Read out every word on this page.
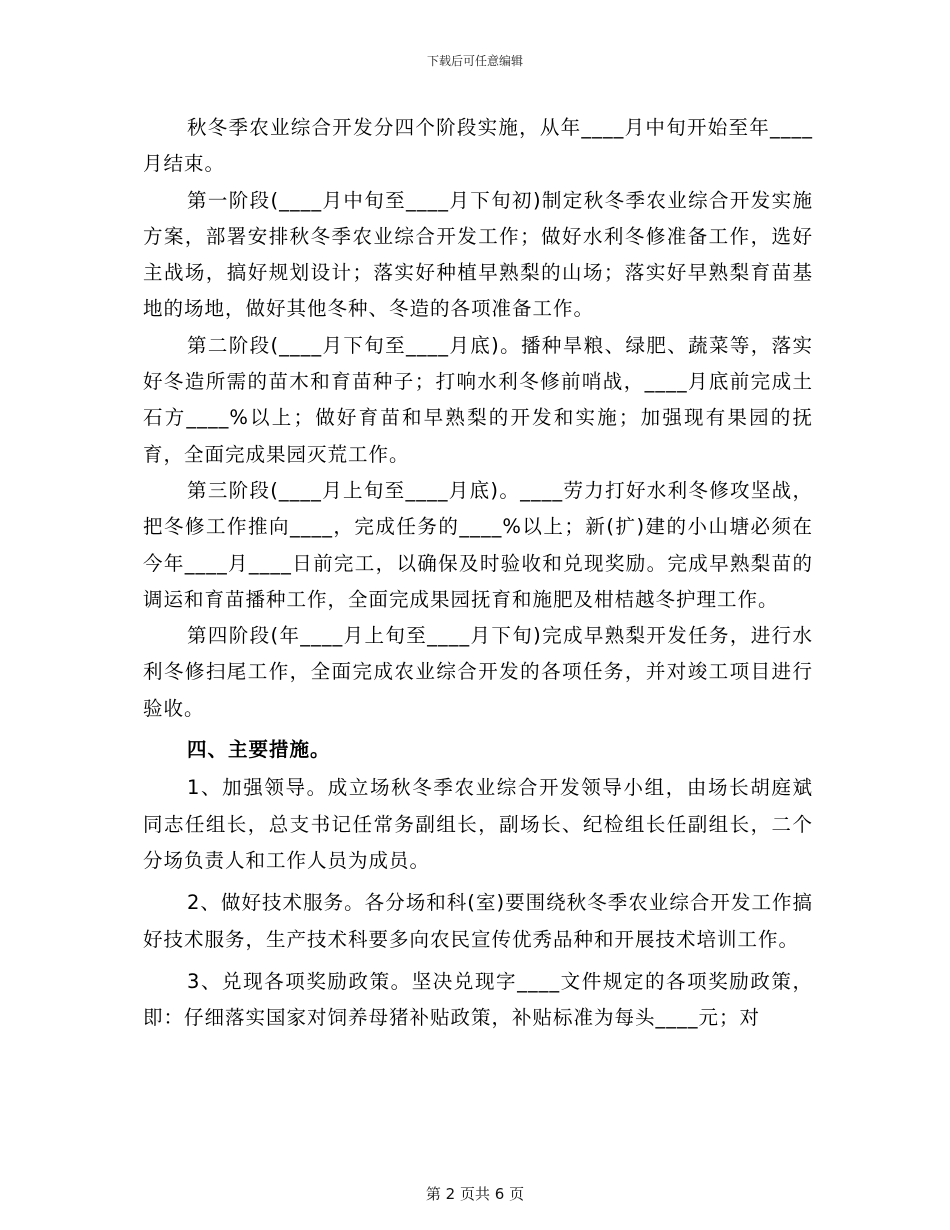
下载后可任意编辑

秋冬季农业综合开发分四个阶段实施，从年____月中旬开始至年____月结束。

第一阶段(____月中旬至____月下旬初)制定秋冬季农业综合开发实施方案，部署安排秋冬季农业综合开发工作；做好水利冬修准备工作，选好主战场，搞好规划设计；落实好种植早熟梨的山场；落实好早熟梨育苗基地的场地，做好其他冬种、冬造的各项准备工作。

第二阶段(____月下旬至____月底)。播种旱粮、绿肥、蔬菜等，落实好冬造所需的苗木和育苗种子；打响水利冬修前哨战，____月底前完成土石方____%以上；做好育苗和早熟梨的开发和实施；加强现有果园的抚育，全面完成果园灭荒工作。

第三阶段(____月上旬至____月底)。____劳力打好水利冬修攻坚战，把冬修工作推向____，完成任务的____%以上；新(扩)建的小山塘必须在今年____月____日前完工，以确保及时验收和兑现奖励。完成早熟梨苗的调运和育苗播种工作，全面完成果园抚育和施肥及柑桔越冬护理工作。

第四阶段(年____月上旬至____月下旬)完成早熟梨开发任务，进行水利冬修扫尾工作，全面完成农业综合开发的各项任务，并对竣工项目进行验收。

四、主要措施。

1、加强领导。成立场秋冬季农业综合开发领导小组，由场长胡庭斌同志任组长，总支书记任常务副组长，副场长、纪检组长任副组长，二个分场负责人和工作人员为成员。

2、做好技术服务。各分场和科(室)要围绕秋冬季农业综合开发工作搞好技术服务，生产技术科要多向农民宣传优秀品种和开展技术培训工作。

3、兑现各项奖励政策。坚决兑现字____文件规定的各项奖励政策，即：仔细落实国家对饲养母猪补贴政策，补贴标准为每头____元；对

第 2 页共 6 页
